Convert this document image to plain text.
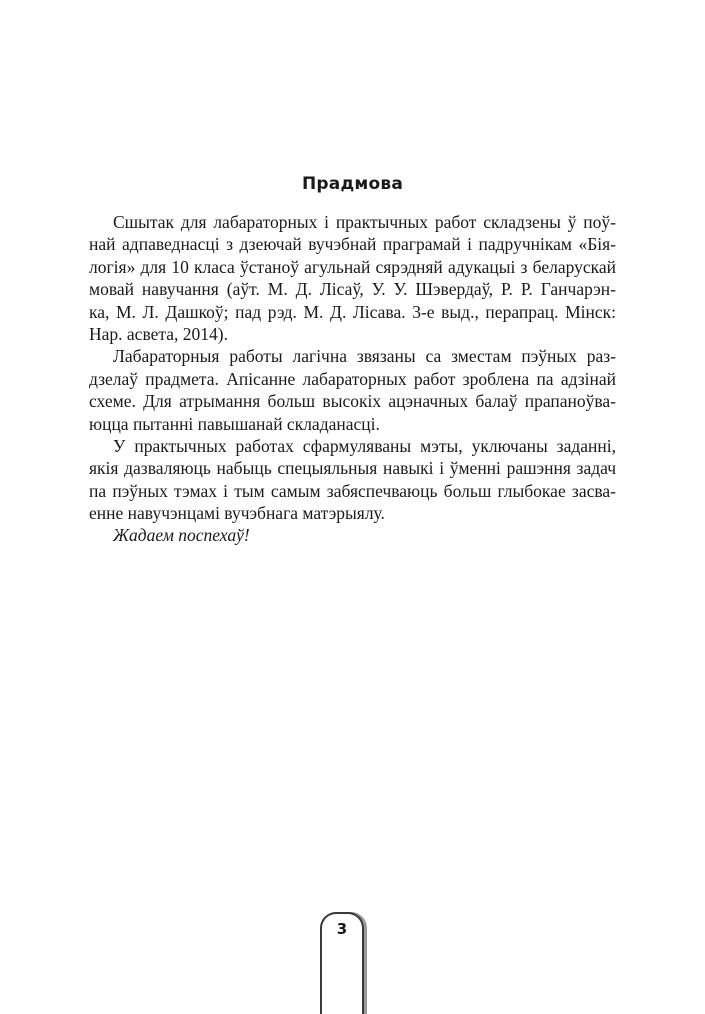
Прадмова
Сшытак для лабараторных і практычных работ складзены ў поў-
най адпаведнасці з дзеючай вучэбнай праграмай і падручнікам «Бія-
логія» для 10 класа ўстаноў агульнай сярэдняй адукацыі з беларускай
мовай навучання (аўт. М. Д. Лісаў, У. У. Шэвердаў, Р. Р. Ганчарэн-
ка, М. Л. Дашкоў; пад рэд. М. Д. Лісава. 3-е выд., перапрац. Мінск:
Нар. асвета, 2014).
Лабараторныя работы лагічна звязаны са зместам пэўных раз-
дзелаў прадмета. Апісанне лабараторных работ зроблена па адзінай
схеме. Для атрымання больш высокіх ацэначных балаў прапаноўва-
юцца пытанні павышанай складанасці.
У практычных работах сфармуляваны мэты, уключаны заданні,
якія дазваляюць набыць спецыяльныя навыкі і ўменні рашэння задач
па пэўных тэмах і тым самым забяспечваюць больш глыбокае засва-
енне навучэнцамі вучэбнага матэрыялу.
Жадаем поспехаў!
3
